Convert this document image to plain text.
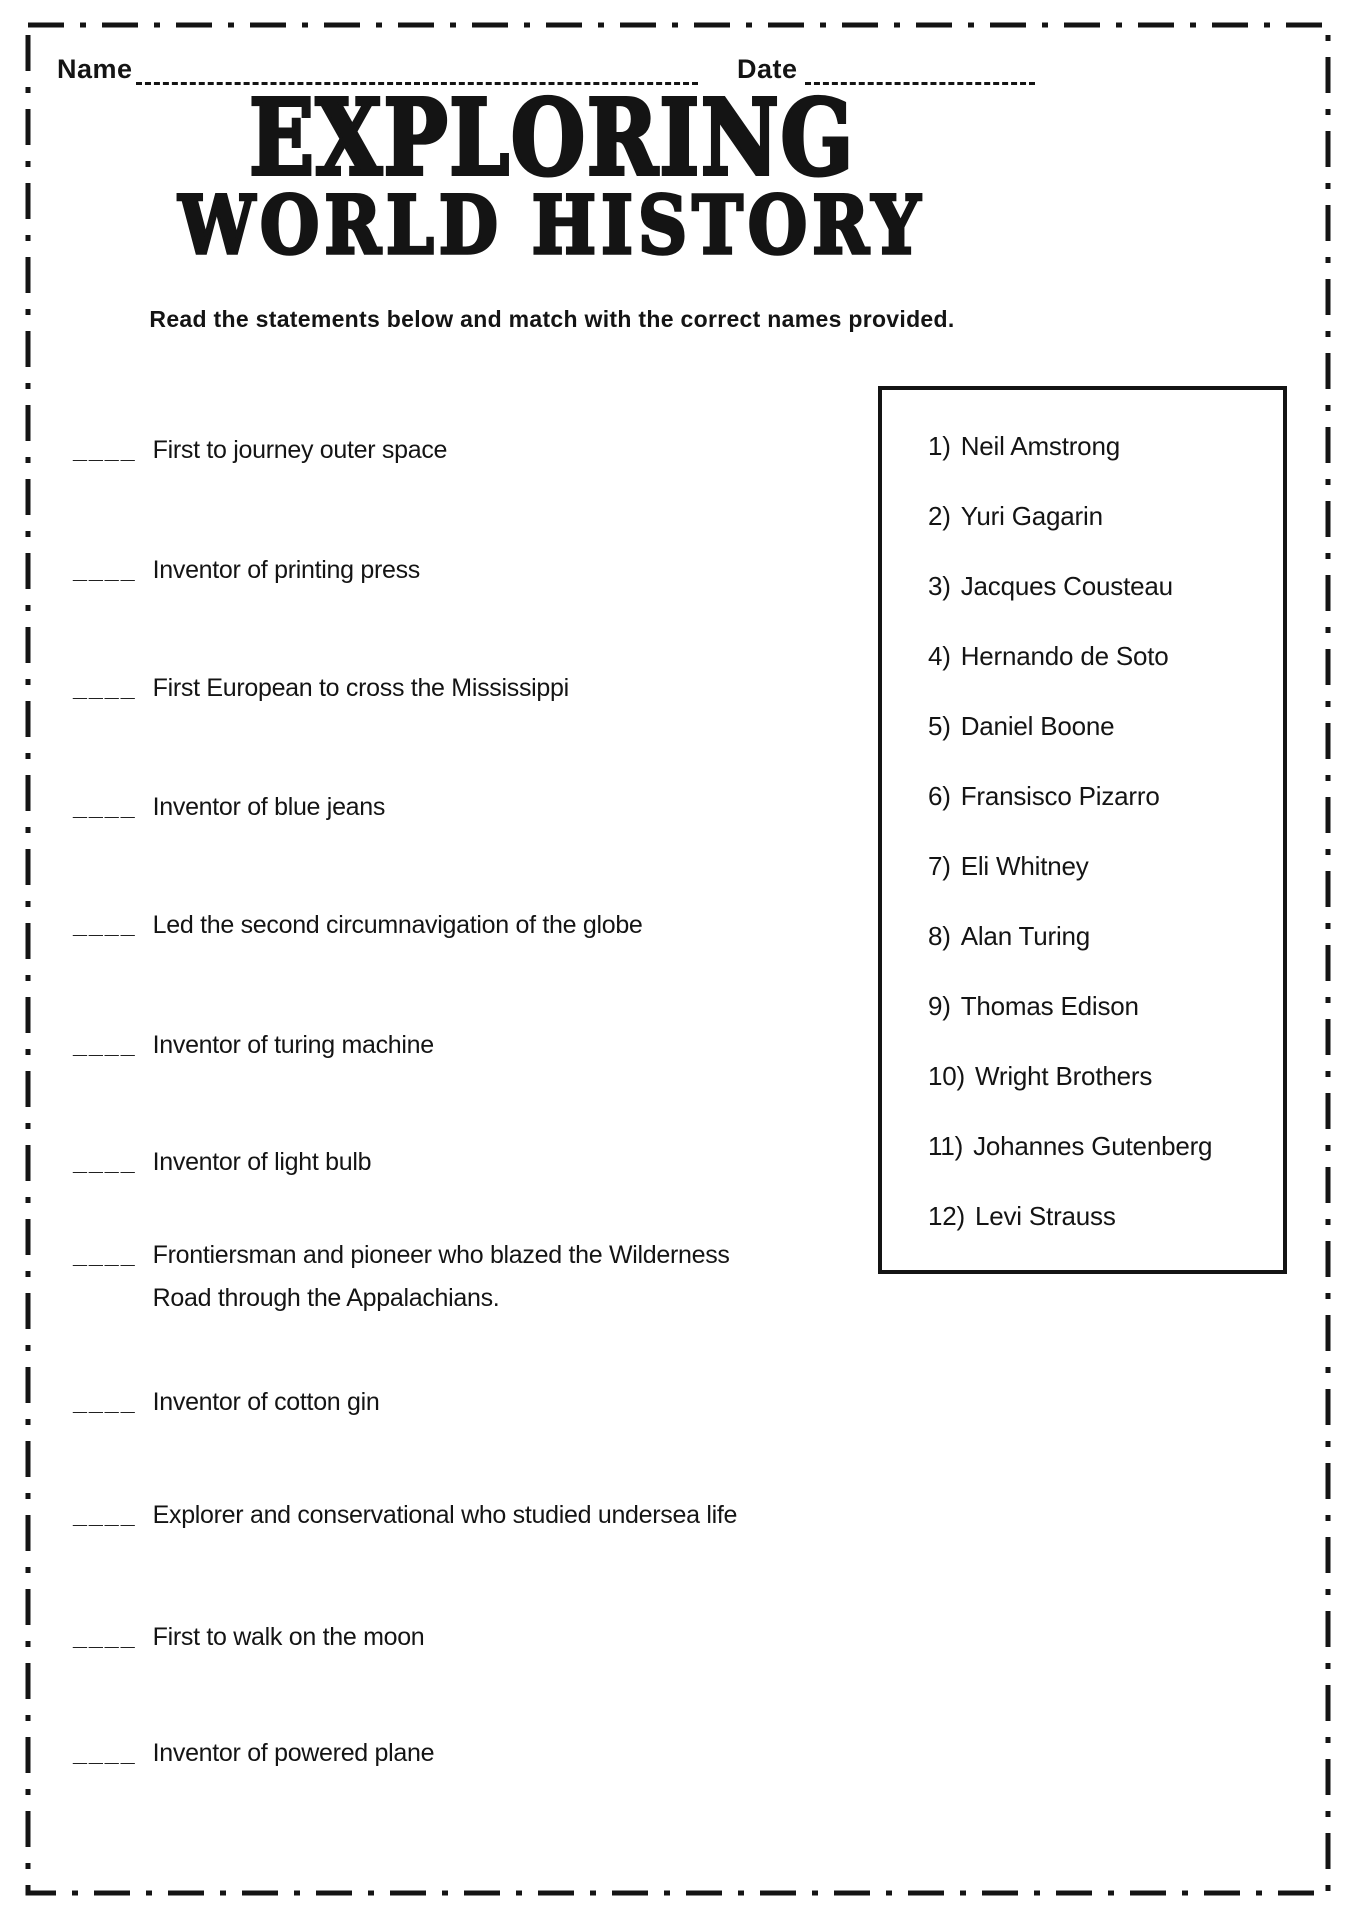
Name	Date
EXPLORING
WORLD HISTORY
Read the statements below and match with the correct names provided.
____ First to journey outer space
____ Inventor of printing press
____ First European to cross the Mississippi
____ Inventor of blue jeans
____ Led the second circumnavigation of the globe
____ Inventor of turing machine
____ Inventor of light bulb
____ Frontiersman and pioneer who blazed the Wilderness
Road through the Appalachians.
____ Inventor of cotton gin
____ Explorer and conservational who studied undersea life
____ First to walk on the moon
____ Inventor of powered plane
1) Neil Amstrong
2) Yuri Gagarin
3) Jacques Cousteau
4) Hernando de Soto
5) Daniel Boone
6) Fransisco Pizarro
7) Eli Whitney
8) Alan Turing
9) Thomas Edison
10) Wright Brothers
11) Johannes Gutenberg
12) Levi Strauss
